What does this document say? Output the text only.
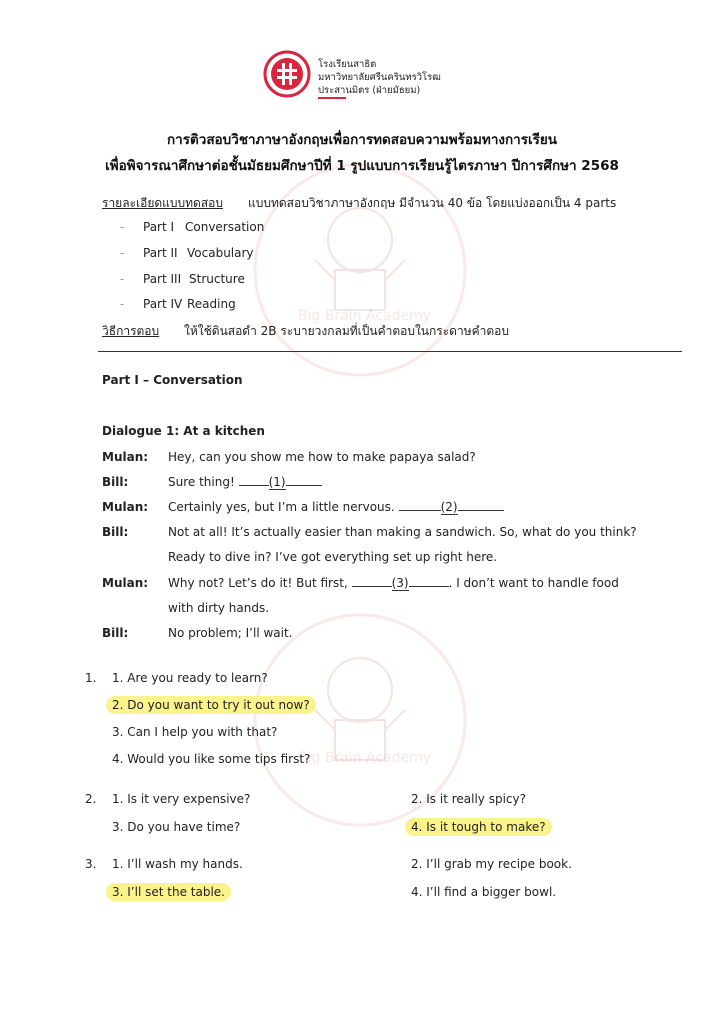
Big Brain Academy
Big Brain Academy
โรงเรียนสาธิต
มหาวิทยาลัยศรีนครินทรวิโรฒ
ประสานมิตร (ฝ่ายมัธยม)
การติวสอบวิชาภาษาอังกฤษเพื่อการทดสอบความพร้อมทางการเรียน
เพื่อพิจารณาศึกษาต่อชั้นมัธยมศึกษาปีที่ 1 รูปแบบการเรียนรู้ไตรภาษา ปีการศึกษา 2568
รายละเอียดแบบทดสอบ แบบทดสอบวิชาภาษาอังกฤษ มีจำนวน 40 ข้อ โดยแบ่งออกเป็น 4 parts
- Part I Conversation
- Part II Vocabulary
- Part III Structure
- Part IV Reading
วิธีการตอบ ให้ใช้ดินสอดำ 2B ระบายวงกลมที่เป็นคำตอบในกระดาษคำตอบ
Part I – Conversation
Dialogue 1: At a kitchen
Mulan: Hey, can you show me how to make papaya salad?
Bill:	Sure thing!	(1)
Mulan: Certainly yes, but I’m a little nervous.	(2)
Bill:	Not at all! It’s actually easier than making a sandwich. So, what do you think?
Ready to dive in? I’ve got everything set up right here.
Mulan: Why not? Let’s do it! But first,	(3)	. I don’t want to handle food
with dirty hands.
Bill:	No problem; I’ll wait.
1. 1. Are you ready to learn?
2. Do you want to try it out now?
3. Can I help you with that?
4. Would you like some tips first?
2. 1. Is it very expensive?	2. Is it really spicy?
3. Do you have time?	4. Is it tough to make?
3. 1. I’ll wash my hands.	2. I’ll grab my recipe book.
3. I’ll set the table.	4. I’ll find a bigger bowl.
